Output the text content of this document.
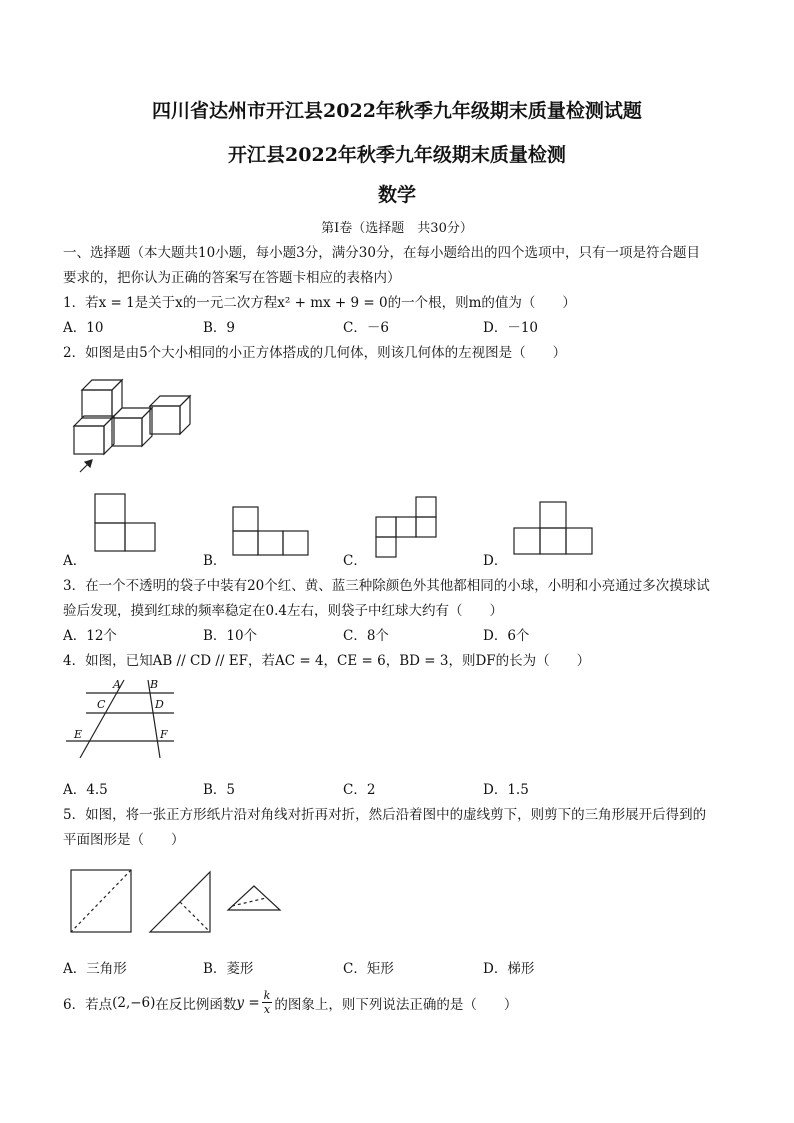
四川省达州市开江县2022年秋季九年级期末质量检测试题
开江县2022年秋季九年级期末质量检测
数学
第Ⅰ卷（选择题　共30分）
一、选择题（本大题共10小题，每小题3分，满分30分，在每小题给出的四个选项中，只有一项是符合题目
要求的，把你认为正确的答案写在答题卡相应的表格内）
1．若x = 1是关于x的一元二次方程x² + mx + 9 = 0的一个根，则m的值为（　　）
A．10	B．9	C．－6	D．－10
2．如图是由5个大小相同的小正方体搭成的几何体，则该几何体的左视图是（　　）
A．	B．	C．	D．
3．在一个不透明的袋子中装有20个红、黄、蓝三种除颜色外其他都相同的小球，小明和小亮通过多次摸球试
验后发现，摸到红球的频率稳定在0.4左右，则袋子中红球大约有（　　）
A．12个	B．10个	C．8个	D．6个
4．如图，已知AB // CD // EF，若AC = 4，CE = 6，BD = 3，则DF的长为（　　）
A	B
C	D
E	F
A．4.5	B．5	C．2	D．1.5
5．如图，将一张正方形纸片沿对角线对折再对折，然后沿着图中的虚线剪下，则剪下的三角形展开后得到的
平面图形是（　　）
A．三角形	B．菱形	C．矩形	D．梯形
6．若点 (2,−6) 在反比例函数 $y = \frac{k}{x}$ 的图象上，则下列说法正确的是（　　）
